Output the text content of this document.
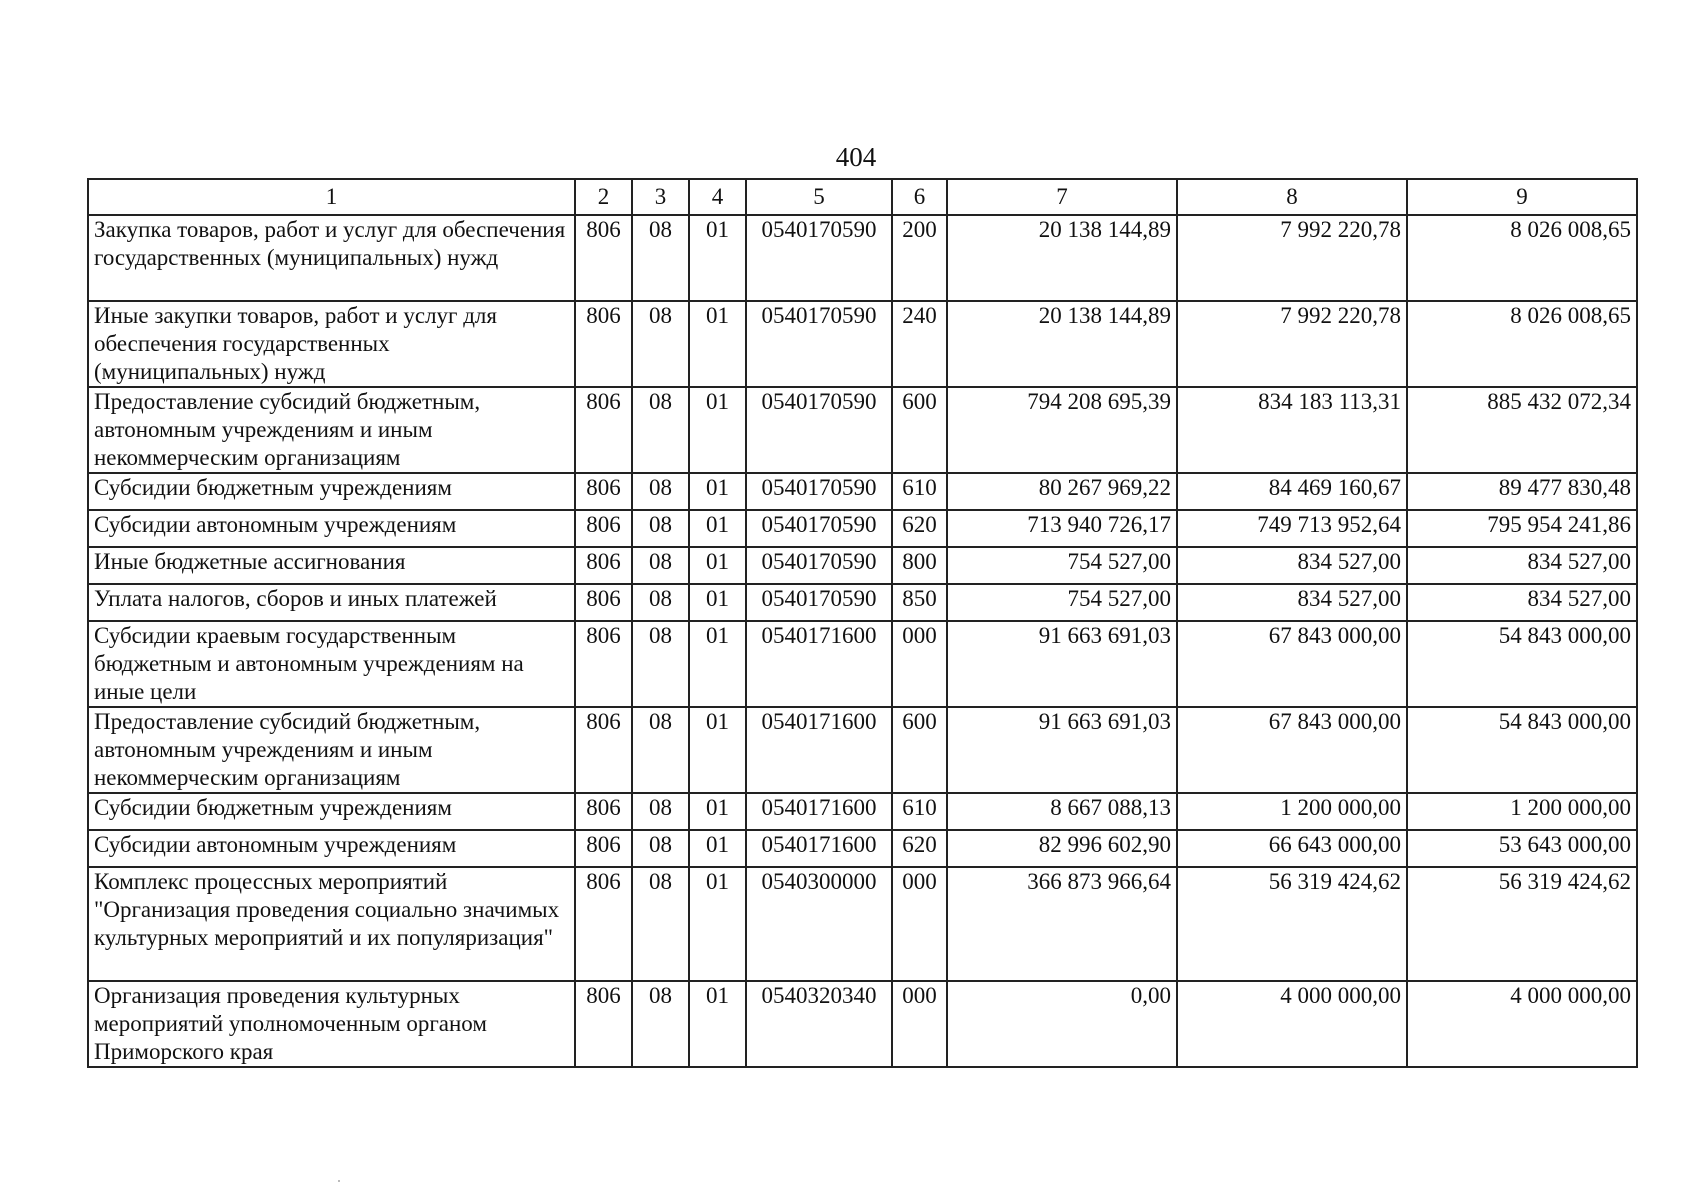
404
1	2	3	4	5	6	7	8	9
Закупка товаров, работ и услуг для обеспечения государственных (муниципальных) нужд	806	08	01	0540170590	200	20 138 144,89	7 992 220,78	8 026 008,65
Иные закупки товаров, работ и услуг для обеспечения государственных (муниципальных) нужд	806	08	01	0540170590	240	20 138 144,89	7 992 220,78	8 026 008,65
Предоставление субсидий бюджетным, автономным учреждениям и иным некоммерческим организациям	806	08	01	0540170590	600	794 208 695,39	834 183 113,31	885 432 072,34
Субсидии бюджетным учреждениям	806	08	01	0540170590	610	80 267 969,22	84 469 160,67	89 477 830,48
Субсидии автономным учреждениям	806	08	01	0540170590	620	713 940 726,17	749 713 952,64	795 954 241,86
Иные бюджетные ассигнования	806	08	01	0540170590	800	754 527,00	834 527,00	834 527,00
Уплата налогов, сборов и иных платежей	806	08	01	0540170590	850	754 527,00	834 527,00	834 527,00
Субсидии краевым государственным бюджетным и автономным учреждениям на иные цели	806	08	01	0540171600	000	91 663 691,03	67 843 000,00	54 843 000,00
Предоставление субсидий бюджетным, автономным учреждениям и иным некоммерческим организациям	806	08	01	0540171600	600	91 663 691,03	67 843 000,00	54 843 000,00
Субсидии бюджетным учреждениям	806	08	01	0540171600	610	8 667 088,13	1 200 000,00	1 200 000,00
Субсидии автономным учреждениям	806	08	01	0540171600	620	82 996 602,90	66 643 000,00	53 643 000,00
Комплекс процессных мероприятий "Организация проведения социально значимых культурных мероприятий и их популяризация"	806	08	01	0540300000	000	366 873 966,64	56 319 424,62	56 319 424,62
Организация проведения культурных мероприятий уполномоченным органом Приморского края	806	08	01	0540320340	000	0,00	4 000 000,00	4 000 000,00
